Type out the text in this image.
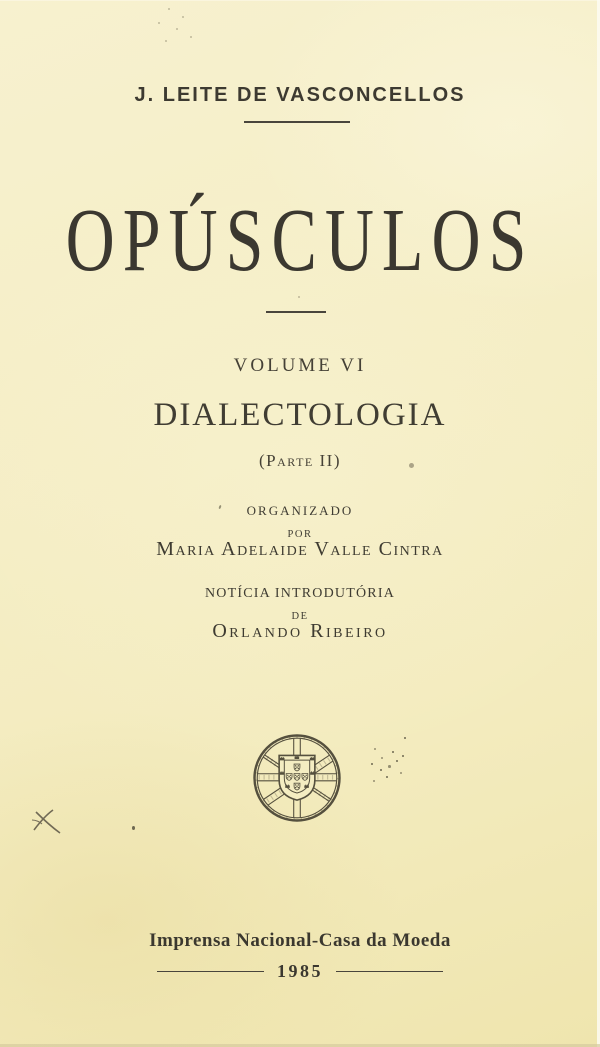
J. LEITE DE VASCONCELLOS
OPÚSCULOS
VOLUME VI
DIALECTOLOGIA
(Parte II)
ORGANIZADO
POR
Maria Adelaide Valle Cintra
NOTÍCIA INTRODUTÓRIA
DE
Orlando Ribeiro
Imprensa Nacional-Casa da Moeda
1985
